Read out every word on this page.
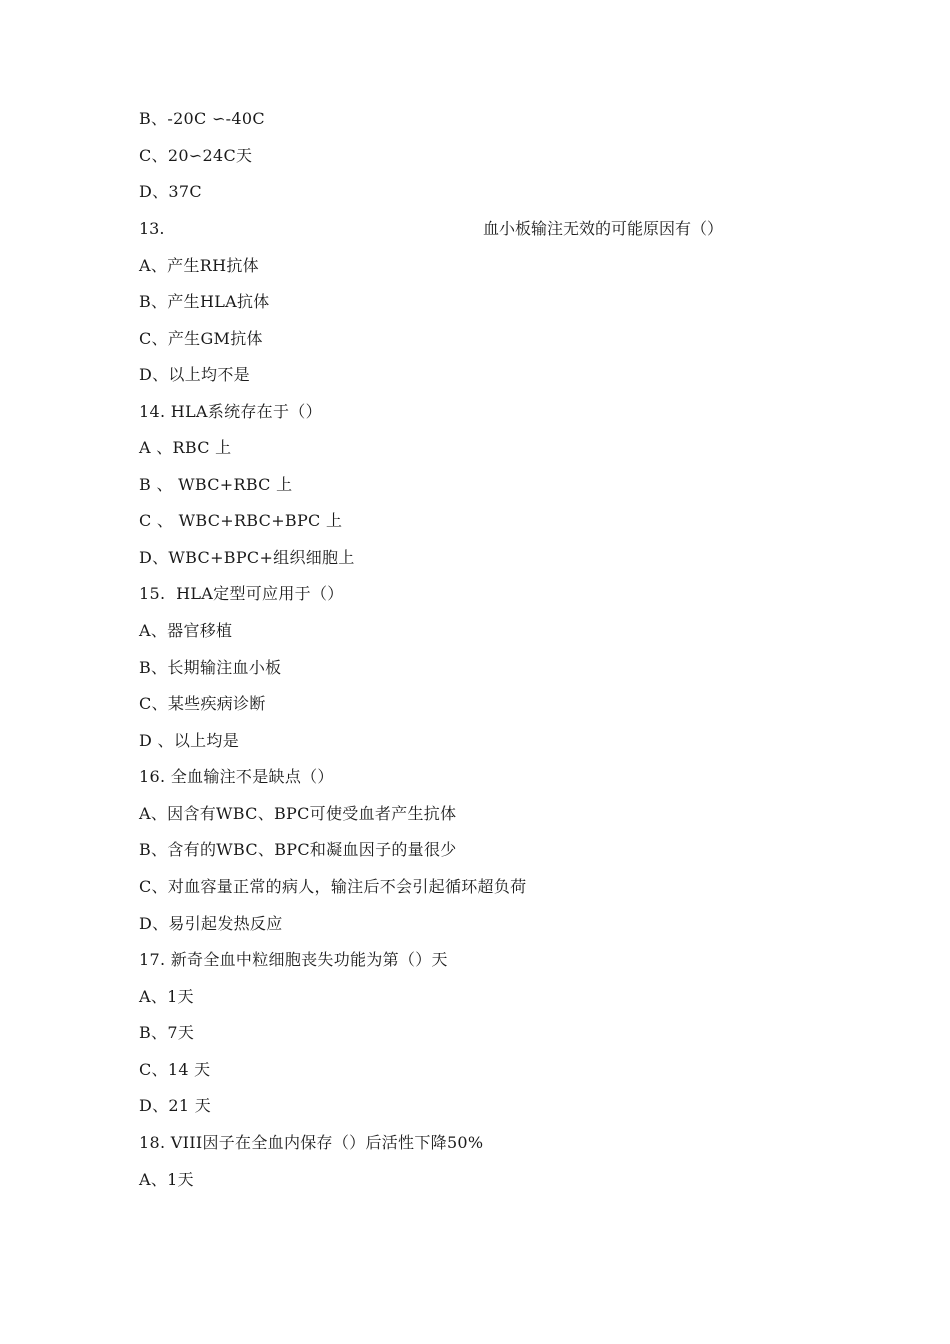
B、-20C ∽-40C
C、20∽24C天
D、37C
13.	血小板输注无效的可能原因有（）
A、产生RH抗体
B、产生HLA抗体
C、产生GM抗体
D、以上均不是
14. HLA系统存在于（）
A 、RBC 上
B 、 WBC+RBC 上
C 、 WBC+RBC+BPC 上
D、WBC+BPC+组织细胞上
15.  HLA定型可应用于（）
A、器官移植
B、长期输注血小板
C、某些疾病诊断
D 、以上均是
16. 全血输注不是缺点（）
A、因含有WBC、BPC可使受血者产生抗体
B、含有的WBC、BPC和凝血因子的量很少
C、对血容量正常的病人，输注后不会引起循环超负荷
D、易引起发热反应
17. 新奇全血中粒细胞丧失功能为第（）天
A、1天
B、7天
C、14 天
D、21 天
18. VIII因子在全血内保存（）后活性下降50%
A、1天
